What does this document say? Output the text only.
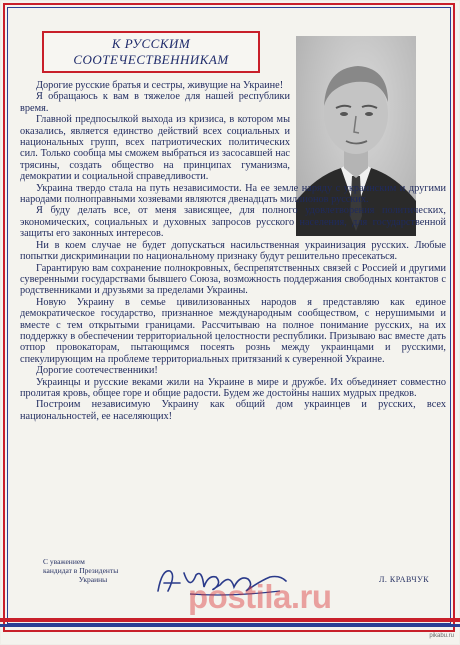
К РУССКИМ
СООТЕЧЕСТВЕННИКАМ

Дорогие русские братья и сестры, живущие на Украине!

Я обращаюсь к вам в тяжелое для нашей республики время.

Главной предпосылкой выхода из кризиса, в котором мы оказались, является единство действий всех социальных и национальных групп, всех патриотических политических сил. Только сообща мы сможем выбраться из засосавшей нас трясины, создать общество на принципах гуманизма, демократии и социальной справедливости.

Украина твердо стала на путь независимости. На ее земле наряду с украинским и другими народами полноправными хозяевами являются двенадцать миллионов русских.

Я буду делать все, от меня зависящее, для полного удовлетворения политических, экономических, социальных и духовных запросов русского населения, для государственной защиты его законных интересов.

Ни в коем случае не будет допускаться насильственная украинизация русских. Любые попытки дискриминации по национальному признаку будут решительно пресекаться.

Гарантирую вам сохранение полнокровных, беспрепятственных связей с Россией и другими суверенными государствами бывшего Союза, возможность поддержания свободных контактов с родственниками и друзьями за пределами Украины.

Новую Украину в семье цивилизованных народов я представляю как единое демократическое государство, признанное международным сообществом, с нерушимыми и вместе с тем открытыми границами. Рассчитываю на полное понимание русских, на их поддержку в обеспечении территориальной целостности республики. Призываю вас вместе дать отпор провокаторам, пытающимся посеять рознь между украинцами и русскими, спекулирующим на проблеме территориальных притязаний к суверенной Украине.

Дорогие соотечественники!

Украинцы и русские веками жили на Украине в мире и дружбе. Их объединяет совместно пролитая кровь, общее горе и общие радости. Будем же достойны наших мудрых предков.

Построим независимую Украину как общий дом украинцев и русских, всех национальностей, ее населяющих!

С уважением
кандидат в Президенты
Украины	Л. КРАВЧУК
postila.ru
pikabu.ru
